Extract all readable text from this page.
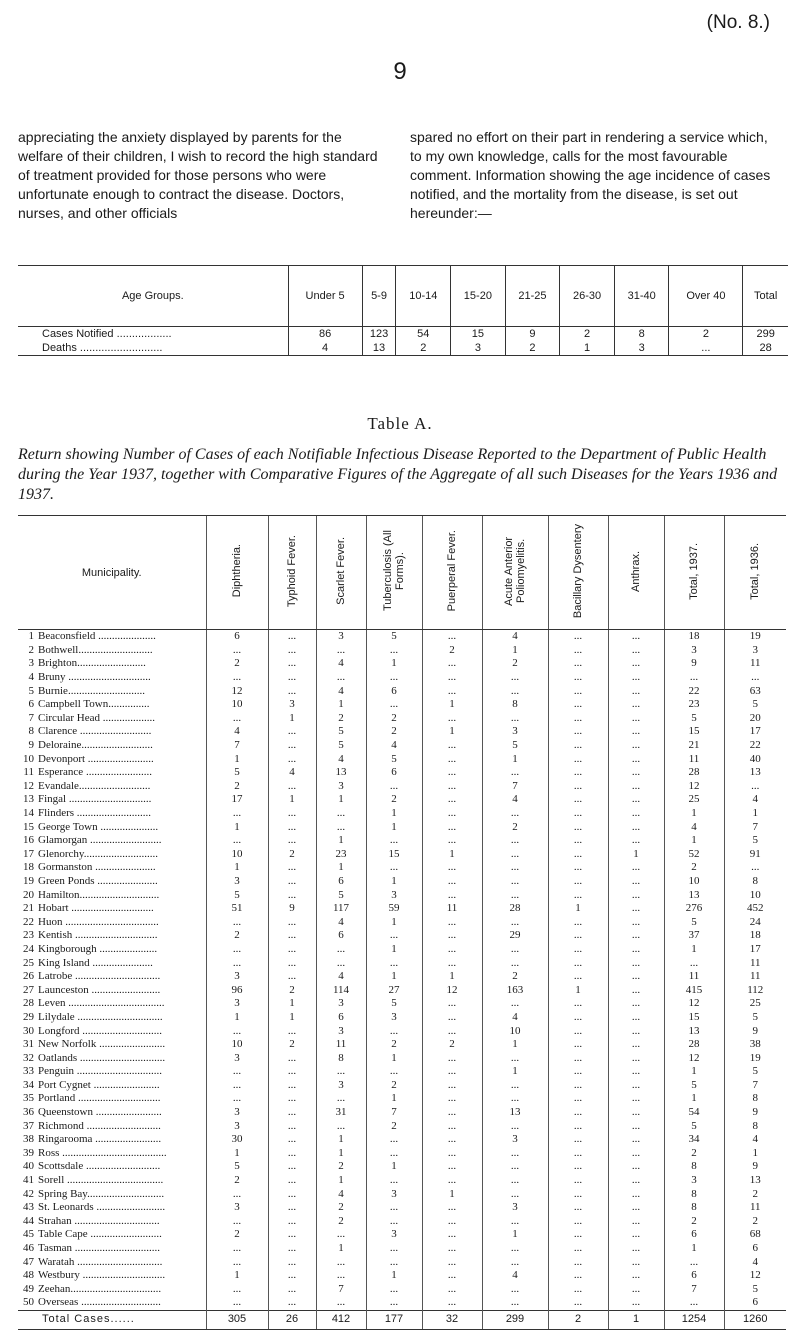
(No. 8.)
9

appreciating the anxiety displayed by parents for the welfare of their children, I wish to record the high standard of treatment provided for those persons who were unfortunate enough to contract the disease. Doctors, nurses, and other officials

spared no effort on their part in rendering a service which, to my own knowledge, calls for the most favourable comment. Information showing the age incidence of cases notified, and the mortality from the disease, is set out hereunder:—

Age Groups.	Under 5	5-9	10-14	15-20	21-25	26-30	31-40	Over 40	Total
Cases Notified ..................	86	123	54	15	9	2	8	2	299
Deaths ...........................	4	13	2	3	2	1	3	...	28
Table A.
Return showing Number of Cases of each Notifiable Infectious Disease Reported to the Department of Public Health during the Year 1937, together with Comparative Figures of the Aggregate of all such Diseases for the Years 1936 and 1937.
Municipality.	Diphtheria.	Typhoid Fever.	Scarlet Fever.	Tuberculosis (All Forms).	Puerperal Fever.	Acute Anterior Poliomyelitis.	Bacillary Dysentery	Anthrax.	Total, 1937.	Total, 1936.
1 Beaconsfield .....................	6	...	3	5	...	4	...	...	18	19
2 Bothwell...........................	...	...	...	...	2	1	...	...	3	3
3 Brighton.........................	2	...	4	1	...	2	...	...	9	11
4 Bruny ..............................	...	...	...	...	...	...	...	...	...	...
5 Burnie............................	12	...	4	6	...	...	...	...	22	63
6 Campbell Town...............	10	3	1	...	1	8	...	...	23	5
7 Circular Head ...................	...	1	2	2	...	...	...	...	5	20
8 Clarence ..........................	4	...	5	2	1	3	...	...	15	17
9 Deloraine..........................	7	...	5	4	...	5	...	...	21	22
10 Devonport ........................	1	...	4	5	...	1	...	...	11	40
11 Esperance ........................	5	4	13	6	...	...	...	...	28	13
12 Evandale..........................	2	...	3	...	...	7	...	...	12	...
13 Fingal ..............................	17	1	1	2	...	4	...	...	25	4
14 Flinders ...........................	...	...	...	1	...	...	...	...	1	1
15 George Town .....................	1	...	...	1	...	2	...	...	4	7
16 Glamorgan ..........................	...	...	1	...	...	...	...	...	1	5
17 Glenorchy...........................	10	2	23	15	1	...	...	1	52	91
18 Gormanston ......................	1	...	1	...	...	...	...	...	2	...
19 Green Ponds ......................	3	...	6	1	...	...	...	...	10	8
20 Hamilton.............................	5	...	5	3	...	...	...	...	13	10
21 Hobart ..............................	51	9	117	59	11	28	1	...	276	452
22 Huon ..................................	...	...	4	1	...	...	...	...	5	24
23 Kentish ..............................	2	...	6	...	...	29	...	...	37	18
24 Kingborough .....................	...	...	...	1	...	...	...	...	1	17
25 King Island ......................	...	...	...	...	...	...	...	...	...	11
26 Latrobe ...............................	3	...	4	1	1	2	...	...	11	11
27 Launceston .........................	96	2	114	27	12	163	1	...	415	112
28 Leven ...................................	3	1	3	5	...	...	...	...	12	25
29 Lilydale ...............................	1	1	6	3	...	4	...	...	15	5
30 Longford .............................	...	...	3	...	...	10	...	...	13	9
31 New Norfolk ........................	10	2	11	2	2	1	...	...	28	38
32 Oatlands ...............................	3	...	8	1	...	...	...	...	12	19
33 Penguin ...............................	...	...	...	...	...	1	...	...	1	5
34 Port Cygnet ........................	...	...	3	2	...	...	...	...	5	7
35 Portland ..............................	...	...	...	1	...	...	...	...	1	8
36 Queenstown ........................	3	...	31	7	...	13	...	...	54	9
37 Richmond ...........................	3	...	...	2	...	...	...	...	5	8
38 Ringarooma ........................	30	...	1	...	...	3	...	...	34	4
39 Ross ......................................	1	...	1	...	...	...	...	...	2	1
40 Scottsdale ...........................	5	...	2	1	...	...	...	...	8	9
41 Sorell ...................................	2	...	1	...	...	...	...	...	3	13
42 Spring Bay............................	...	...	4	3	1	...	...	...	8	2
43 St. Leonards .........................	3	...	2	...	...	3	...	...	8	11
44 Strahan ...............................	...	...	2	...	...	...	...	...	2	2
45 Table Cape ..........................	2	...	...	3	...	1	...	...	6	68
46 Tasman ...............................	...	...	1	...	...	...	...	...	1	6
47 Waratah ...............................	...	...	...	...	...	...	...	...	...	4
48 Westbury ..............................	1	...	...	1	...	4	...	...	6	12
49 Zeehan.................................	...	...	7	...	...	...	...	...	7	5
50 Overseas .............................	...	...	...	...	...	...	...	...	...	6
Total Cases......	305	26	412	177	32	299	2	1	1254	1260
